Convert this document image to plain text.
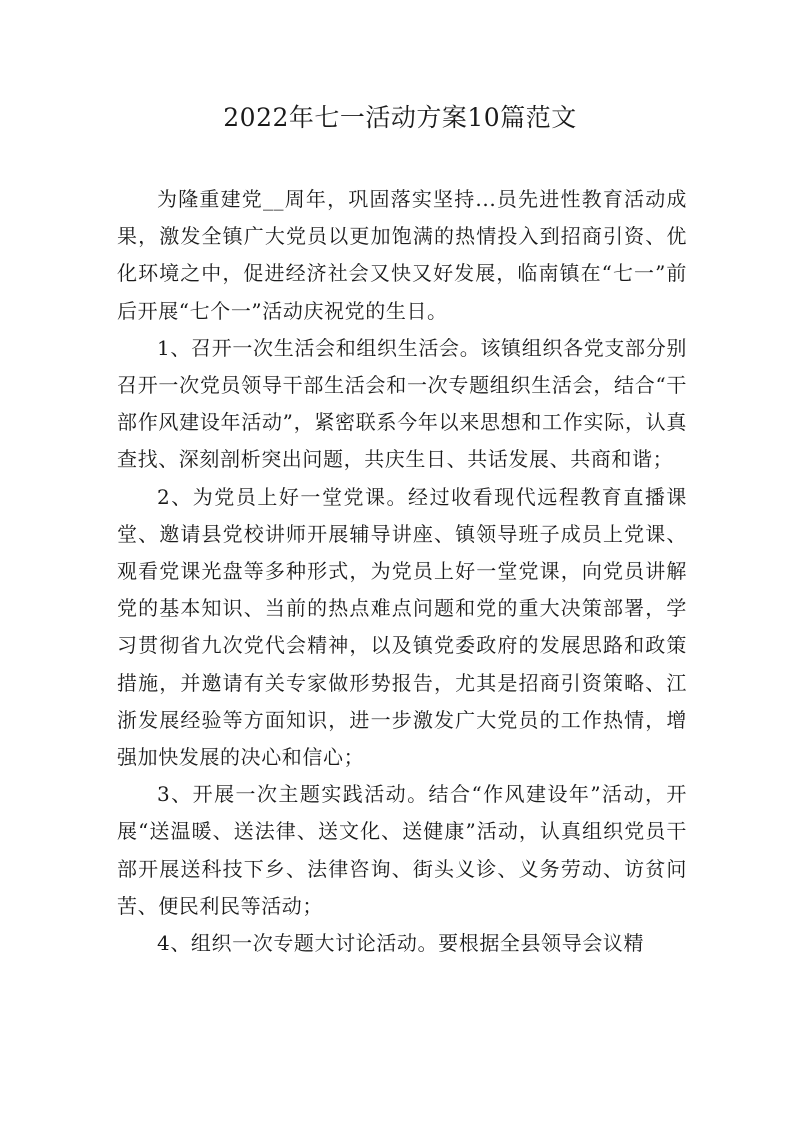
2022年七一活动方案10篇范文

为隆重建党__周年，巩固落实坚持...员先进性教育活动成果，激发全镇广大党员以更加饱满的热情投入到招商引资、优化环境之中，促进经济社会又快又好发展，临南镇在“七一”前后开展“七个一”活动庆祝党的生日。

1、召开一次生活会和组织生活会。该镇组织各党支部分别召开一次党员领导干部生活会和一次专题组织生活会，结合“干部作风建设年活动”，紧密联系今年以来思想和工作实际，认真查找、深刻剖析突出问题，共庆生日、共话发展、共商和谐；

2、为党员上好一堂党课。经过收看现代远程教育直播课堂、邀请县党校讲师开展辅导讲座、镇领导班子成员上党课、观看党课光盘等多种形式，为党员上好一堂党课，向党员讲解党的基本知识、当前的热点难点问题和党的重大决策部署，学习贯彻省九次党代会精神，以及镇党委政府的发展思路和政策措施，并邀请有关专家做形势报告，尤其是招商引资策略、江浙发展经验等方面知识，进一步激发广大党员的工作热情，增强加快发展的决心和信心；

3、开展一次主题实践活动。结合“作风建设年”活动，开展“送温暖、送法律、送文化、送健康”活动，认真组织党员干部开展送科技下乡、法律咨询、街头义诊、义务劳动、访贫问苦、便民利民等活动；

4、组织一次专题大讨论活动。要根据全县领导会议精
